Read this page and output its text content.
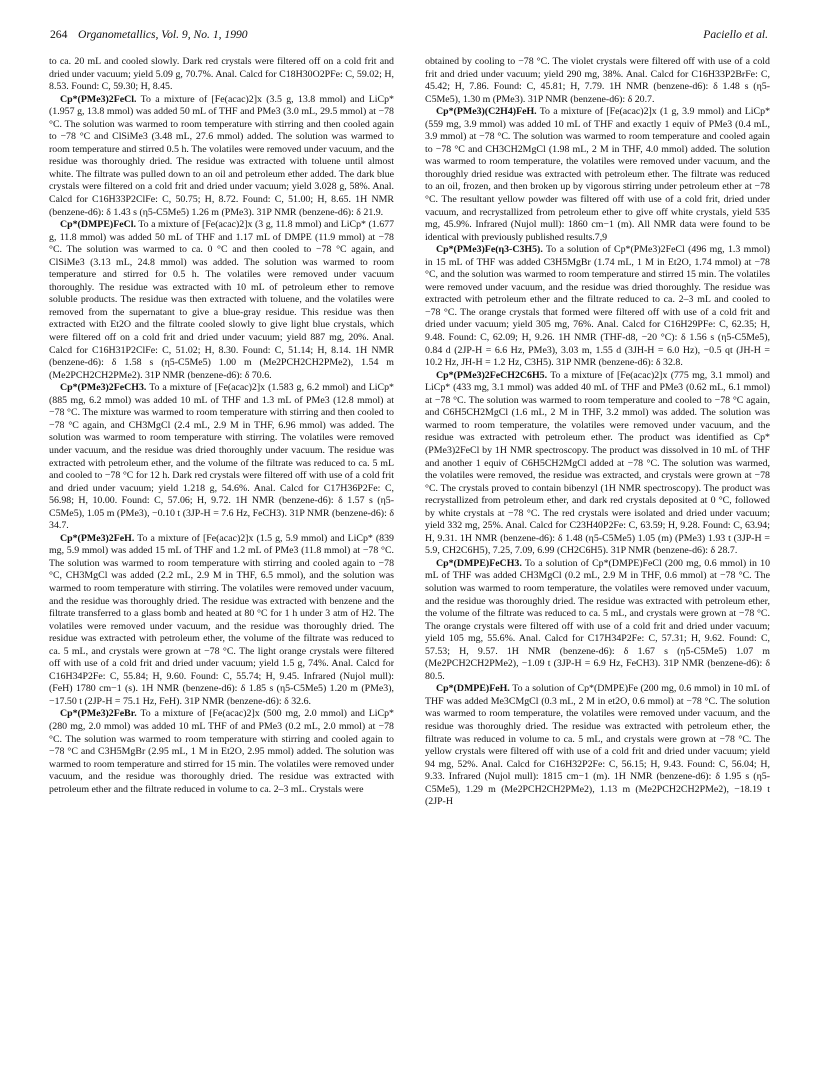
264 Organometallics, Vol. 9, No. 1, 1990	Paciello et al.

to ca. 20 mL and cooled slowly. Dark red crystals were filtered off on a cold frit and dried under vacuum; yield 5.09 g, 70.7%. Anal. Calcd for C18H30O2PFe: C, 59.02; H, 8.53. Found: C, 59.30; H, 8.45.

Cp*(PMe3)2FeCl. To a mixture of [Fe(acac)2]x (3.5 g, 13.8 mmol) and LiCp* (1.957 g, 13.8 mmol) was added 50 mL of THF and PMe3 (3.0 mL, 29.5 mmol) at −78 °C. The solution was warmed to room temperature with stirring and then cooled again to −78 °C and ClSiMe3 (3.48 mL, 27.6 mmol) added. The solution was warmed to room temperature and stirred 0.5 h. The volatiles were removed under vacuum, and the residue was thoroughly dried. The residue was extracted with toluene until almost white. The filtrate was pulled down to an oil and petroleum ether added. The dark blue crystals were filtered on a cold frit and dried under vacuum; yield 3.028 g, 58%. Anal. Calcd for C16H33P2ClFe: C, 50.75; H, 8.72. Found: C, 51.00; H, 8.65. 1H NMR (benzene-d6): δ 1.43 s (η5-C5Me5) 1.26 m (PMe3). 31P NMR (benzene-d6): δ 21.9.

Cp*(DMPE)FeCl. To a mixture of [Fe(acac)2]x (3 g, 11.8 mmol) and LiCp* (1.677 g, 11.8 mmol) was added 50 mL of THF and 1.17 mL of DMPE (11.9 mmol) at −78 °C. The solution was warmed to ca. 0 °C and then cooled to −78 °C again, and ClSiMe3 (3.13 mL, 24.8 mmol) was added. The solution was warmed to room temperature and stirred for 0.5 h. The volatiles were removed under vacuum thoroughly. The residue was extracted with 10 mL of petroleum ether to remove soluble products. The residue was then extracted with toluene, and the volatiles were removed from the supernatant to give a blue-gray residue. This residue was then extracted with Et2O and the filtrate cooled slowly to give light blue crystals, which were filtered off on a cold frit and dried under vacuum; yield 887 mg, 20%. Anal. Calcd for C16H31P2ClFe: C, 51.02; H, 8.30. Found: C, 51.14; H, 8.14. 1H NMR (benzene-d6): δ 1.58 s (η5-C5Me5) 1.00 m (Me2PCH2CH2PMe2), 1.54 m (Me2PCH2CH2PMe2). 31P NMR (benzene-d6): δ 70.6.

Cp*(PMe3)2FeCH3. To a mixture of [Fe(acac)2]x (1.583 g, 6.2 mmol) and LiCp* (885 mg, 6.2 mmol) was added 10 mL of THF and 1.3 mL of PMe3 (12.8 mmol) at −78 °C. The mixture was warmed to room temperature with stirring and then cooled to −78 °C again, and CH3MgCl (2.4 mL, 2.9 M in THF, 6.96 mmol) was added. The solution was warmed to room temperature with stirring. The volatiles were removed under vacuum, and the residue was dried thoroughly under vacuum. The residue was extracted with petroleum ether, and the volume of the filtrate was reduced to ca. 5 mL and cooled to −78 °C for 12 h. Dark red crystals were filtered off with use of a cold frit and dried under vacuum; yield 1.218 g, 54.6%. Anal. Calcd for C17H36P2Fe: C, 56.98; H, 10.00. Found: C, 57.06; H, 9.72. 1H NMR (benzene-d6): δ 1.57 s (η5-C5Me5), 1.05 m (PMe3), −0.10 t (3JP-H = 7.6 Hz, FeCH3). 31P NMR (benzene-d6): δ 34.7.

Cp*(PMe3)2FeH. To a mixture of [Fe(acac)2]x (1.5 g, 5.9 mmol) and LiCp* (839 mg, 5.9 mmol) was added 15 mL of THF and 1.2 mL of PMe3 (11.8 mmol) at −78 °C. The solution was warmed to room temperature with stirring and cooled again to −78 °C, CH3MgCl was added (2.2 mL, 2.9 M in THF, 6.5 mmol), and the solution was warmed to room temperature with stirring. The volatiles were removed under vacuum, and the residue was thoroughly dried. The residue was extracted with benzene and the filtrate transferred to a glass bomb and heated at 80 °C for 1 h under 3 atm of H2. The volatiles were removed under vacuum, and the residue was thoroughly dried. The residue was extracted with petroleum ether, the volume of the filtrate was reduced to ca. 5 mL, and crystals were grown at −78 °C. The light orange crystals were filtered off with use of a cold frit and dried under vacuum; yield 1.5 g, 74%. Anal. Calcd for C16H34P2Fe: C, 55.84; H, 9.60. Found: C, 55.74; H, 9.45. Infrared (Nujol mull): (FeH) 1780 cm−1 (s). 1H NMR (benzene-d6): δ 1.85 s (η5-C5Me5) 1.20 m (PMe3), −17.50 t (2JP-H = 75.1 Hz, FeH). 31P NMR (benzene-d6): δ 32.6.

Cp*(PMe3)2FeBr. To a mixture of [Fe(acac)2]x (500 mg, 2.0 mmol) and LiCp* (280 mg, 2.0 mmol) was added 10 mL THF of and PMe3 (0.2 mL, 2.0 mmol) at −78 °C. The solution was warmed to room temperature with stirring and cooled again to −78 °C and C3H5MgBr (2.95 mL, 1 M in Et2O, 2.95 mmol) added. The solution was warmed to room temperature and stirred for 15 min. The volatiles were removed under vacuum, and the residue was thoroughly dried. The residue was extracted with petroleum ether and the filtrate reduced in volume to ca. 2–3 mL. Crystals were

obtained by cooling to −78 °C. The violet crystals were filtered off with use of a cold frit and dried under vacuum; yield 290 mg, 38%. Anal. Calcd for C16H33P2BrFe: C, 45.42; H, 7.86. Found: C, 45.81; H, 7.79. 1H NMR (benzene-d6): δ 1.48 s (η5-C5Me5), 1.30 m (PMe3). 31P NMR (benzene-d6): δ 20.7.

Cp*(PMe3)(C2H4)FeH. To a mixture of [Fe(acac)2]x (1 g, 3.9 mmol) and LiCp* (559 mg, 3.9 mmol) was added 10 mL of THF and exactly 1 equiv of PMe3 (0.4 mL, 3.9 mmol) at −78 °C. The solution was warmed to room temperature and cooled again to −78 °C and CH3CH2MgCl (1.98 mL, 2 M in THF, 4.0 mmol) added. The solution was warmed to room temperature, the volatiles were removed under vacuum, and the thoroughly dried residue was extracted with petroleum ether. The filtrate was reduced to an oil, frozen, and then broken up by vigorous stirring under petroleum ether at −78 °C. The resultant yellow powder was filtered off with use of a cold frit, dried under vacuum, and recrystallized from petroleum ether to give off white crystals, yield 535 mg, 45.9%. Infrared (Nujol mull): 1860 cm−1 (m). All NMR data were found to be identical with previously published results.7,9

Cp*(PMe3)Fe(η3-C3H5). To a solution of Cp*(PMe3)2FeCl (496 mg, 1.3 mmol) in 15 mL of THF was added C3H5MgBr (1.74 mL, 1 M in Et2O, 1.74 mmol) at −78 °C, and the solution was warmed to room temperature and stirred 15 min. The volatiles were removed under vacuum, and the residue was dried thoroughly. The residue was extracted with petroleum ether and the filtrate reduced to ca. 2–3 mL and cooled to −78 °C. The orange crystals that formed were filtered off with use of a cold frit and dried under vacuum; yield 305 mg, 76%. Anal. Calcd for C16H29PFe: C, 62.35; H, 9.48. Found: C, 62.09; H, 9.26. 1H NMR (THF-d8, −20 °C): δ 1.56 s (η5-C5Me5), 0.84 d (2JP-H = 6.6 Hz, PMe3), 3.03 m, 1.55 d (3JH-H = 6.0 Hz), −0.5 qt (JH-H = 10.2 Hz, JH-H = 1.2 Hz, C3H5). 31P NMR (benzene-d6): δ 32.8.

Cp*(PMe3)2FeCH2C6H5. To a mixture of [Fe(acac)2]x (775 mg, 3.1 mmol) and LiCp* (433 mg, 3.1 mmol) was added 40 mL of THF and PMe3 (0.62 mL, 6.1 mmol) at −78 °C. The solution was warmed to room temperature and cooled to −78 °C again, and C6H5CH2MgCl (1.6 mL, 2 M in THF, 3.2 mmol) was added. The solution was warmed to room temperature, the volatiles were removed under vacuum, and the residue was extracted with petroleum ether. The product was identified as Cp*(PMe3)2FeCl by 1H NMR spectroscopy. The product was dissolved in 10 mL of THF and another 1 equiv of C6H5CH2MgCl added at −78 °C. The solution was warmed, the volatiles were removed, the residue was extracted, and crystals were grown at −78 °C. The crystals proved to contain bibenzyl (1H NMR spectroscopy). The product was recrystallized from petroleum ether, and dark red crystals deposited at 0 °C, followed by white crystals at −78 °C. The red crystals were isolated and dried under vacuum; yield 332 mg, 25%. Anal. Calcd for C23H40P2Fe: C, 63.59; H, 9.28. Found: C, 63.94; H, 9.31. 1H NMR (benzene-d6): δ 1.48 (η5-C5Me5) 1.05 (m) (PMe3) 1.93 t (3JP-H = 5.9, CH2C6H5), 7.25, 7.09, 6.99 (CH2C6H5). 31P NMR (benzene-d6): δ 28.7.

Cp*(DMPE)FeCH3. To a solution of Cp*(DMPE)FeCl (200 mg, 0.6 mmol) in 10 mL of THF was added CH3MgCl (0.2 mL, 2.9 M in THF, 0.6 mmol) at −78 °C. The solution was warmed to room temperature, the volatiles were removed under vacuum, and the residue was thoroughly dried. The residue was extracted with petroleum ether, the volume of the filtrate was reduced to ca. 5 mL, and crystals were grown at −78 °C. The orange crystals were filtered off with use of a cold frit and dried under vacuum; yield 105 mg, 55.6%. Anal. Calcd for C17H34P2Fe: C, 57.31; H, 9.62. Found: C, 57.53; H, 9.57. 1H NMR (benzene-d6): δ 1.67 s (η5-C5Me5) 1.07 m (Me2PCH2CH2PMe2), −1.09 t (3JP-H = 6.9 Hz, FeCH3). 31P NMR (benzene-d6): δ 80.5.

Cp*(DMPE)FeH. To a solution of Cp*(DMPE)Fe (200 mg, 0.6 mmol) in 10 mL of THF was added Me3CMgCl (0.3 mL, 2 M in et2O, 0.6 mmol) at −78 °C. The solution was warmed to room temperature, the volatiles were removed under vacuum, and the residue was thoroughly dried. The residue was extracted with petroleum ether, the filtrate was reduced in volume to ca. 5 mL, and crystals were grown at −78 °C. The yellow crystals were filtered off with use of a cold frit and dried under vacuum; yield 94 mg, 52%. Anal. Calcd for C16H32P2Fe: C, 56.15; H, 9.43. Found: C, 56.04; H, 9.33. Infrared (Nujol mull): 1815 cm−1 (m). 1H NMR (benzene-d6): δ 1.95 s (η5-C5Me5), 1.29 m (Me2PCH2CH2PMe2), 1.13 m (Me2PCH2CH2PMe2), −18.19 t (2JP-H
